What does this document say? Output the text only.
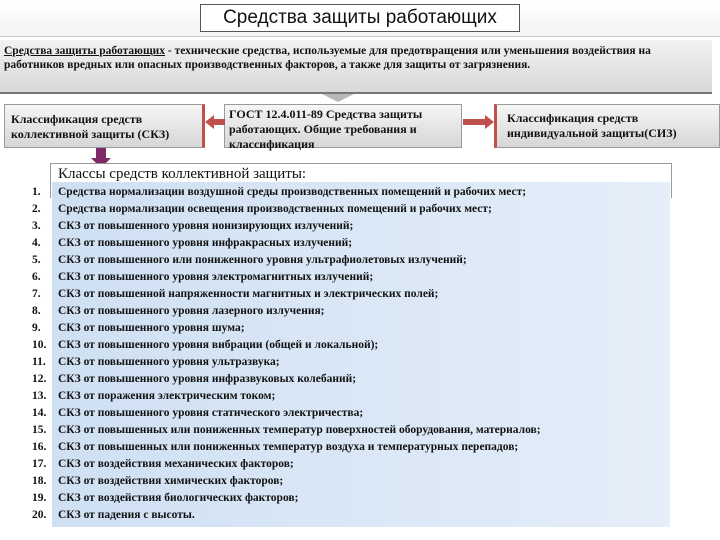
Средства защиты работающих
Средства защиты работающих - технические средства, используемые для предотвращения или уменьшения воздействия на работников вредных или опасных производственных факторов, а также для защиты от загрязнения.
Классификация средств коллективной защиты (СКЗ)
ГОСТ 12.4.011-89 Средства защиты работающих. Общие требования и классификация
Классификация средств индивидуальной защиты(СИЗ)
Классы средств коллективной защиты:
1.	Средства нормализации воздушной среды производственных помещений и рабочих мест;
2.	Средства нормализации освещения производственных помещений и рабочих мест;
3.	СКЗ от повышенного уровня ионизирующих излучений;
4.	СКЗ от повышенного уровня инфракрасных излучений;
5.	СКЗ от повышенного или пониженного уровня ультрафиолетовых излучений;
6.	СКЗ от повышенного уровня электромагнитных излучений;
7.	СКЗ от повышенной напряженности магнитных и электрических полей;
8.	СКЗ от повышенного уровня лазерного излучения;
9.	СКЗ от повышенного уровня шума;
10.	СКЗ от повышенного уровня вибрации (общей и локальной);
11.	СКЗ от повышенного уровня ультразвука;
12.	СКЗ от повышенного уровня инфразвуковых колебаний;
13.	СКЗ от поражения электрическим током;
14.	СКЗ от повышенного уровня статического электричества;
15.	СКЗ от повышенных или пониженных температур поверхностей оборудования, материалов;
16.	СКЗ от повышенных или пониженных температур воздуха и температурных перепадов;
17.	СКЗ от воздействия механических факторов;
18.	СКЗ от воздействия химических факторов;
19.	СКЗ от воздействия биологических факторов;
20.	СКЗ от падения с высоты.
